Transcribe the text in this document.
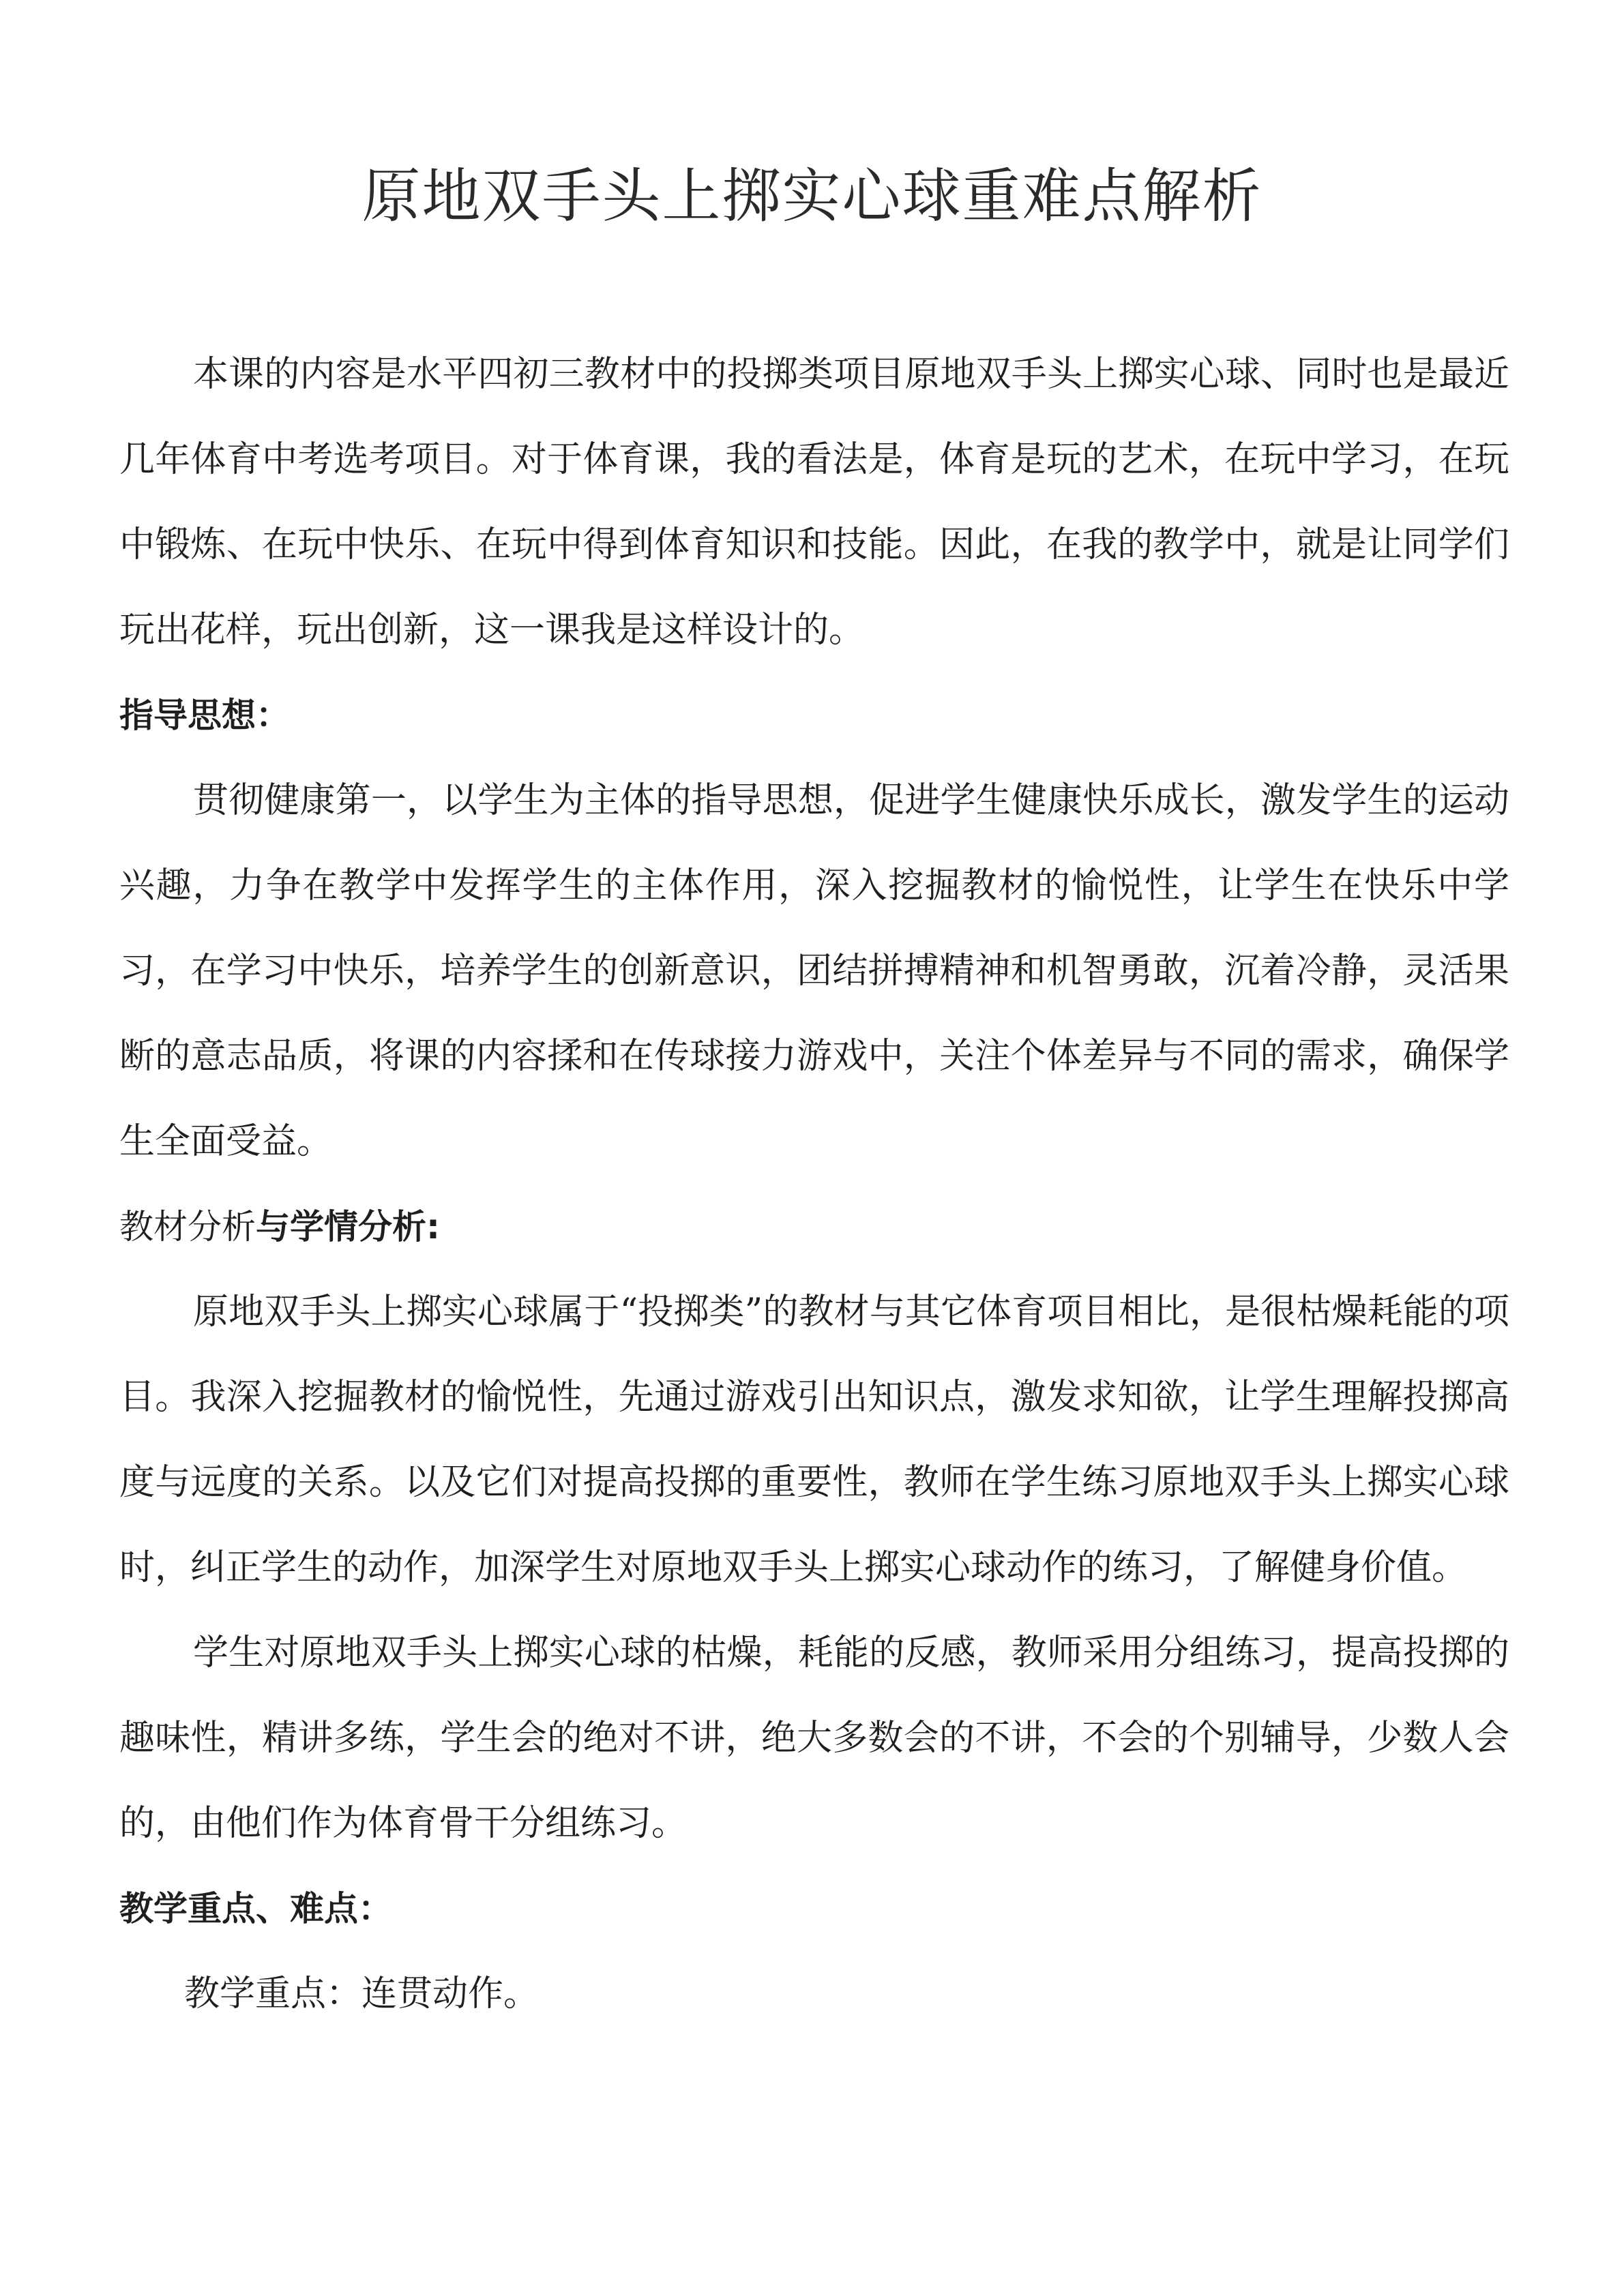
原地双手头上掷实心球重难点解析

本课的内容是水平四初三教材中的投掷类项目原地双手头上掷实心球、同时也是最近几年体育中考选考项目。对于体育课，我的看法是，体育是玩的艺术，在玩中学习，在玩中锻炼、在玩中快乐、在玩中得到体育知识和技能。因此，在我的教学中，就是让同学们玩出花样，玩出创新，这一课我是这样设计的。

指导思想：

贯彻健康第一，以学生为主体的指导思想，促进学生健康快乐成长，激发学生的运动兴趣，力争在教学中发挥学生的主体作用，深入挖掘教材的愉悦性，让学生在快乐中学习，在学习中快乐，培养学生的创新意识，团结拼搏精神和机智勇敢，沉着冷静，灵活果断的意志品质，将课的内容揉和在传球接力游戏中，关注个体差异与不同的需求，确保学生全面受益。

教材分析与学情分析:

原地双手头上掷实心球属于“投掷类”的教材与其它体育项目相比，是很枯燥耗能的项目。我深入挖掘教材的愉悦性，先通过游戏引出知识点，激发求知欲，让学生理解投掷高度与远度的关系。以及它们对提高投掷的重要性，教师在学生练习原地双手头上掷实心球时，纠正学生的动作，加深学生对原地双手头上掷实心球动作的练习，了解健身价值。

学生对原地双手头上掷实心球的枯燥，耗能的反感，教师采用分组练习，提高投掷的趣味性，精讲多练，学生会的绝对不讲，绝大多数会的不讲，不会的个别辅导，少数人会的，由他们作为体育骨干分组练习。

教学重点、难点：

教学重点：连贯动作。
